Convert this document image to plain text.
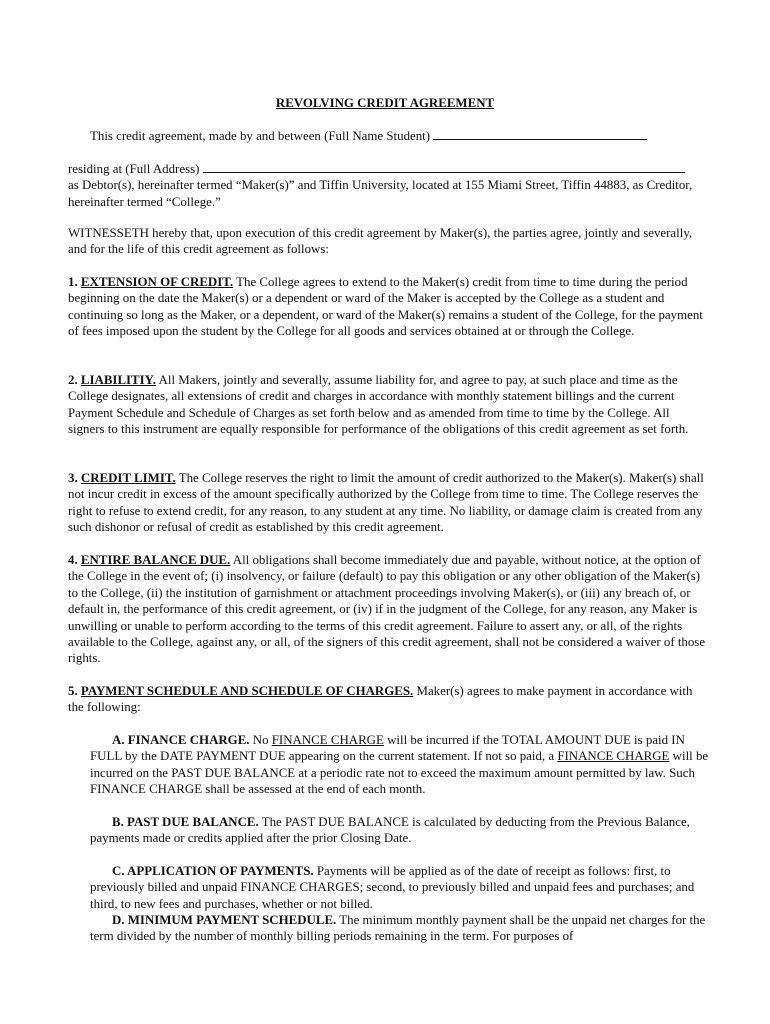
REVOLVING CREDIT AGREEMENT

This credit agreement, made by and between (Full Name Student)

residing at (Full Address)
as Debtor(s), hereinafter termed “Maker(s)” and Tiffin University, located at 155 Miami Street, Tiffin 44883, as Creditor, hereinafter termed “College.”

WITNESSETH hereby that, upon execution of this credit agreement by Maker(s), the parties agree, jointly and severally, and for the life of this credit agreement as follows:

1. EXTENSION OF CREDIT. The College agrees to extend to the Maker(s) credit from time to time during the period beginning on the date the Maker(s) or a dependent or ward of the Maker is accepted by the College as a student and continuing so long as the Maker, or a dependent, or ward of the Maker(s) remains a student of the College, for the payment of fees imposed upon the student by the College for all goods and services obtained at or through the College.

2. LIABILITIY. All Makers, jointly and severally, assume liability for, and agree to pay, at such place and time as the College designates, all extensions of credit and charges in accordance with monthly statement billings and the current Payment Schedule and Schedule of Charges as set forth below and as amended from time to time by the College. All signers to this instrument are equally responsible for performance of the obligations of this credit agreement as set forth.

3. CREDIT LIMIT. The College reserves the right to limit the amount of credit authorized to the Maker(s). Maker(s) shall not incur credit in excess of the amount specifically authorized by the College from time to time. The College reserves the right to refuse to extend credit, for any reason, to any student at any time. No liability, or damage claim is created from any such dishonor or refusal of credit as established by this credit agreement.

4. ENTIRE BALANCE DUE. All obligations shall become immediately due and payable, without notice, at the option of the College in the event of; (i) insolvency, or failure (default) to pay this obligation or any other obligation of the Maker(s) to the College, (ii) the institution of garnishment or attachment proceedings involving Maker(s), or (iii) any breach of, or default in, the performance of this credit agreement, or (iv) if in the judgment of the College, for any reason, any Maker is unwilling or unable to perform according to the terms of this credit agreement. Failure to assert any, or all, of the rights available to the College, against any, or all, of the signers of this credit agreement, shall not be considered a waiver of those rights.

5. PAYMENT SCHEDULE AND SCHEDULE OF CHARGES. Maker(s) agrees to make payment in accordance with the following:

A. FINANCE CHARGE. No FINANCE CHARGE will be incurred if the TOTAL AMOUNT DUE is paid IN FULL by the DATE PAYMENT DUE appearing on the current statement. If not so paid, a FINANCE CHARGE will be incurred on the PAST DUE BALANCE at a periodic rate not to exceed the maximum amount permitted by law. Such FINANCE CHARGE shall be assessed at the end of each month.

B. PAST DUE BALANCE. The PAST DUE BALANCE is calculated by deducting from the Previous Balance, payments made or credits applied after the prior Closing Date.

C. APPLICATION OF PAYMENTS. Payments will be applied as of the date of receipt as follows: first, to previously billed and unpaid FINANCE CHARGES; second, to previously billed and unpaid fees and purchases; and third, to new fees and purchases, whether or not billed.

D. MINIMUM PAYMENT SCHEDULE. The minimum monthly payment shall be the unpaid net charges for the term divided by the number of monthly billing periods remaining in the term. For purposes of
